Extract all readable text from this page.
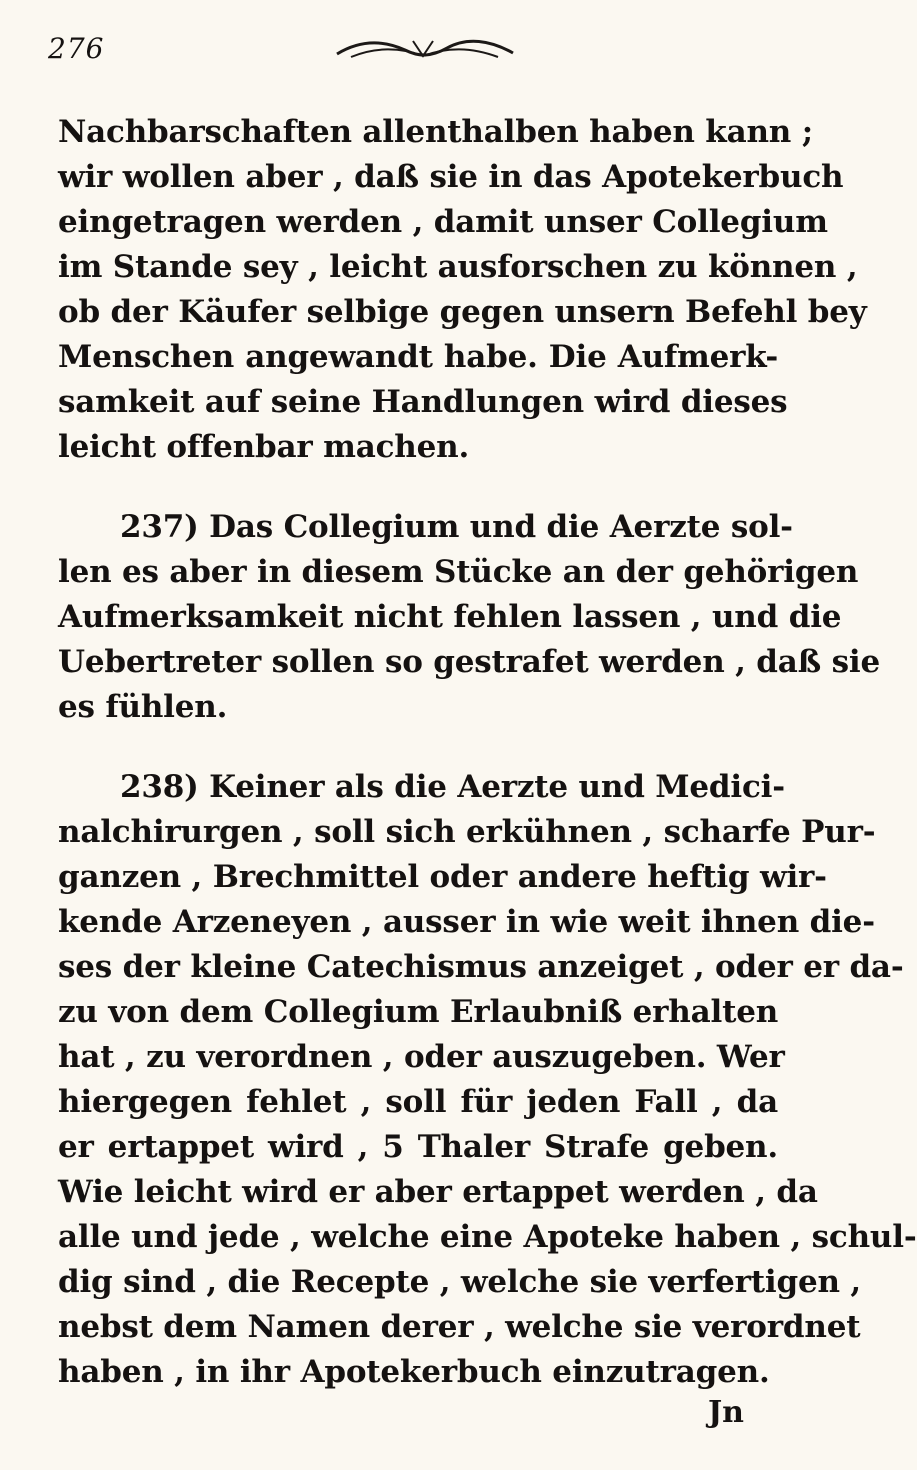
276

Nachbarschaften allenthalben haben kann ;
wir wollen aber , daß sie in das Apotekerbuch
eingetragen werden , damit unser Collegium
im Stande sey , leicht ausforschen zu können ,
ob der Käufer selbige gegen unsern Befehl bey
Menschen angewandt habe. Die Aufmerk-
samkeit auf seine Handlungen wird dieses
leicht offenbar machen.

237) Das Collegium und die Aerzte sol-
len es aber in diesem Stücke an der gehörigen
Aufmerksamkeit nicht fehlen lassen , und die
Uebertreter sollen so gestrafet werden , daß sie
es fühlen.

238) Keiner als die Aerzte und Medici-
nalchirurgen , soll sich erkühnen , scharfe Pur-
ganzen , Brechmittel oder andere heftig wir-
kende Arzeneyen , ausser in wie weit ihnen die-
ses der kleine Catechismus anzeiget , oder er da-
zu von dem Collegium Erlaubniß erhalten
hat , zu verordnen , oder auszugeben. Wer
hiergegen fehlet , soll für jeden Fall , da
er ertappet wird , 5 Thaler Strafe geben.
Wie leicht wird er aber ertappet werden , da
alle und jede , welche eine Apoteke haben , schul-
dig sind , die Recepte , welche sie verfertigen ,
nebst dem Namen derer , welche sie verordnet
haben , in ihr Apotekerbuch einzutragen.

Jn
